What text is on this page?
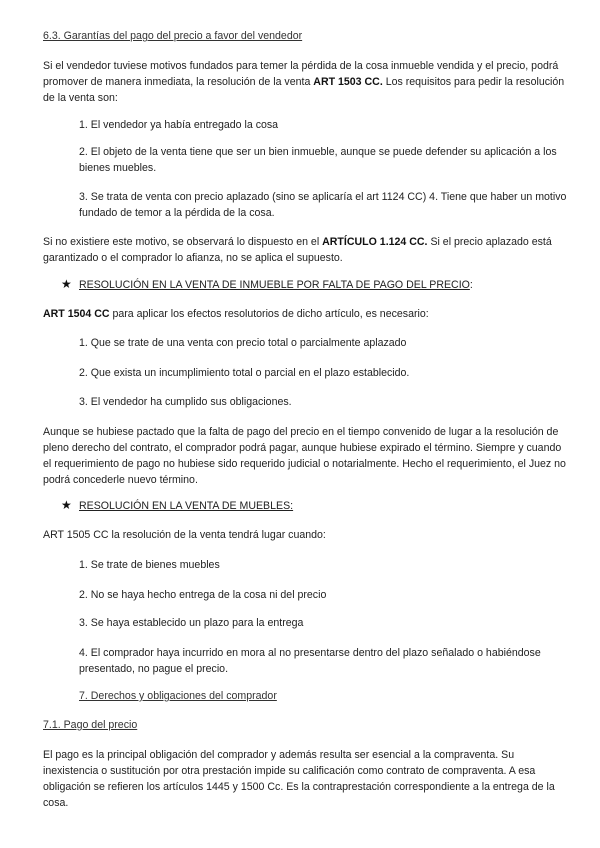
6.3. Garantías del pago del precio a favor del vendedor

Si el vendedor tuviese motivos fundados para temer la pérdida de la cosa inmueble vendida y el precio, podrá promover de manera inmediata, la resolución de la venta ART 1503 CC. Los requisitos para pedir la resolución de la venta son:

1. El vendedor ya había entregado la cosa

2. El objeto de la venta tiene que ser un bien inmueble, aunque se puede defender su aplicación a los bienes muebles.

3. Se trata de venta con precio aplazado (sino se aplicaría el art 1124 CC) 4. Tiene que haber un motivo fundado de temor a la pérdida de la cosa.

Si no existiere este motivo, se observará lo dispuesto en el ARTÍCULO 1.124 CC. Si el precio aplazado está garantizado o el comprador lo afianza, no se aplica el supuesto.

★ RESOLUCIÓN EN LA VENTA DE INMUEBLE POR FALTA DE PAGO DEL PRECIO:

ART 1504 CC para aplicar los efectos resolutorios de dicho artículo, es necesario:

1. Que se trate de una venta con precio total o parcialmente aplazado

2. Que exista un incumplimiento total o parcial en el plazo establecido.

3. El vendedor ha cumplido sus obligaciones.

Aunque se hubiese pactado que la falta de pago del precio en el tiempo convenido de lugar a la resolución de pleno derecho del contrato, el comprador podrá pagar, aunque hubiese expirado el término. Siempre y cuando el requerimiento de pago no hubiese sido requerido judicial o notarialmente. Hecho el requerimiento, el Juez no podrá concederle nuevo término.

★ RESOLUCIÓN EN LA VENTA DE MUEBLES:

ART 1505 CC la resolución de la venta tendrá lugar cuando:

1. Se trate de bienes muebles

2. No se haya hecho entrega de la cosa ni del precio

3. Se haya establecido un plazo para la entrega

4. El comprador haya incurrido en mora al no presentarse dentro del plazo señalado o habiéndose presentado, no pague el precio.

7. Derechos y obligaciones del comprador

7.1. Pago del precio

El pago es la principal obligación del comprador y además resulta ser esencial a la compraventa. Su inexistencia o sustitución por otra prestación impide su calificación como contrato de compraventa. A esa obligación se refieren los artículos 1445 y 1500 Cc. Es la contraprestación correspondiente a la entrega de la cosa.
